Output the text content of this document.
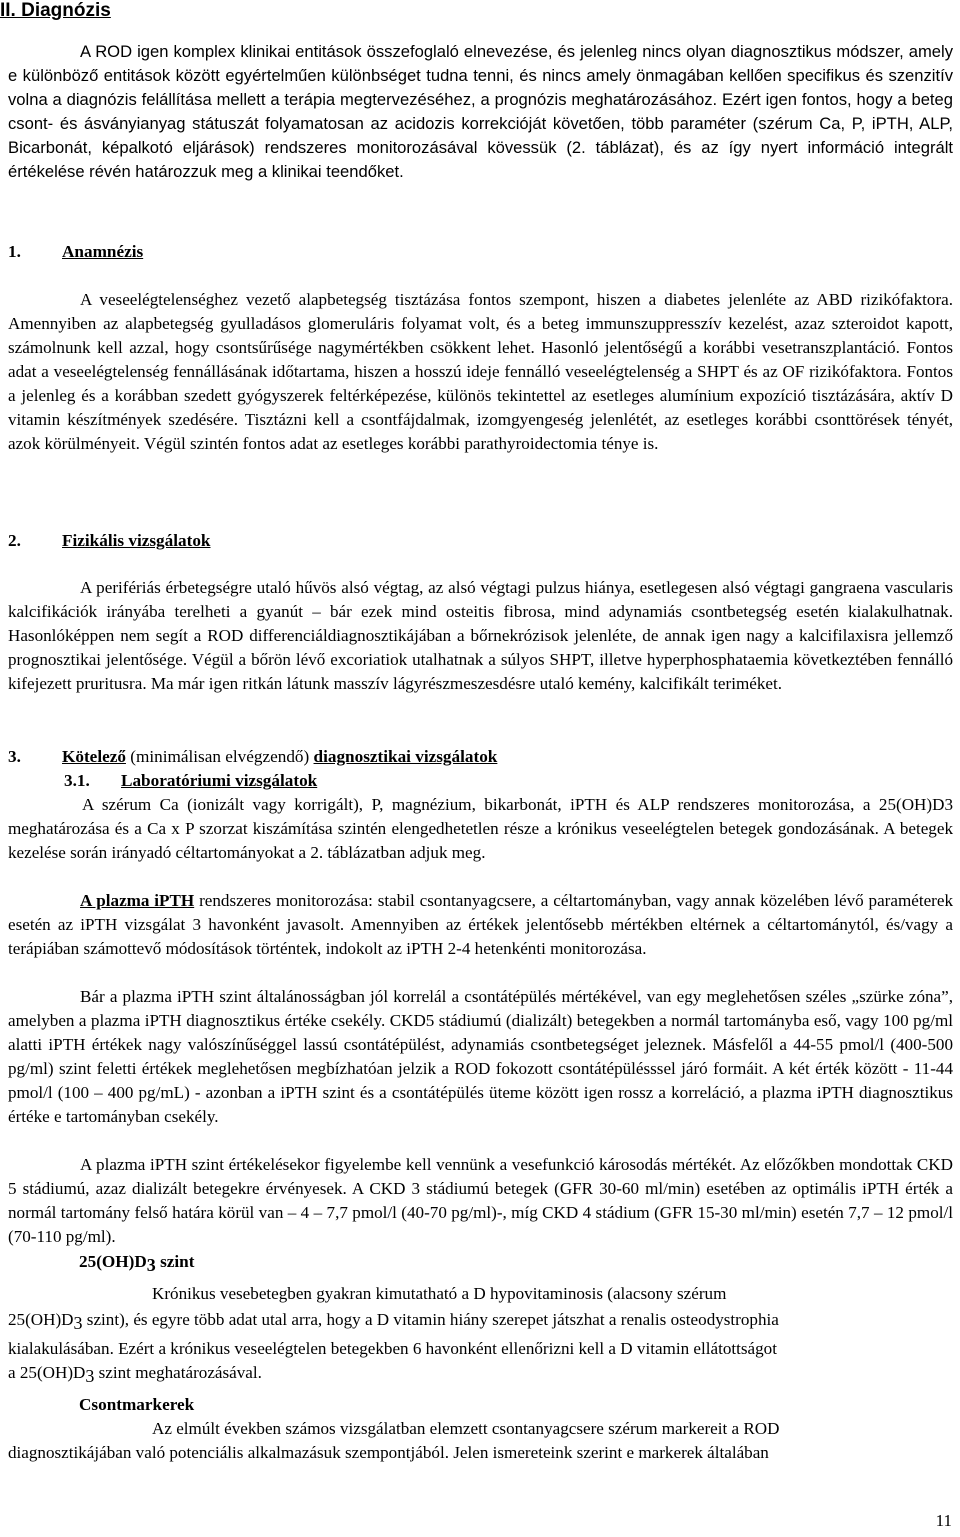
II. Diagnózis

A ROD igen komplex klinikai entitások összefoglaló elnevezése, és jelenleg nincs olyan diagnosztikus módszer, amely e különböző entitások között egyértelműen különbséget tudna tenni, és nincs amely önmagában kellően specifikus és szenzitív volna a diagnózis felállítása mellett a terápia megtervezéséhez, a prognózis meghatározásához. Ezért igen fontos, hogy a beteg csont- és ásványianyag státuszát folyamatosan az acidozis korrekcióját követően, több paraméter (szérum Ca, P, iPTH, ALP, Bicarbonát, képalkotó eljárások) rendszeres monitorozásával kövessük (2. táblázat), és az így nyert információ integrált értékelése révén határozzuk meg a klinikai teendőket.

1. Anamnézis

A veseelégtelenséghez vezető alapbetegség tisztázása fontos szempont, hiszen a diabetes jelenléte az ABD rizikófaktora. Amennyiben az alapbetegség gyulladásos glomeruláris folyamat volt, és a beteg immunszuppresszív kezelést, azaz szteroidot kapott, számolnunk kell azzal, hogy csontsűrűsége nagymértékben csökkent lehet. Hasonló jelentőségű a korábbi vesetranszplantáció. Fontos adat a veseelégtelenség fennállásának időtartama, hiszen a hosszú ideje fennálló veseelégtelenség a SHPT és az OF rizikófaktora. Fontos a jelenleg és a korábban szedett gyógyszerek feltérképezése, különös tekintettel az esetleges alumínium expozíció tisztázására, aktív D vitamin készítmények szedésére. Tisztázni kell a csontfájdalmak, izomgyengeség jelenlétét, az esetleges korábbi csonttörések tényét, azok körülményeit. Végül szintén fontos adat az esetleges korábbi parathyroidectomia ténye is.

2. Fizikális vizsgálatok

A perifériás érbetegségre utaló hűvös alsó végtag, az alsó végtagi pulzus hiánya, esetlegesen alsó végtagi gangraena vascularis kalcifikációk irányába terelheti a gyanút – bár ezek mind osteitis fibrosa, mind adynamiás csontbetegség esetén kialakulhatnak. Hasonlóképpen nem segít a ROD differenciáldiagnosztikájában a bőrnekrózisok jelenléte, de annak igen nagy a kalcifilaxisra jellemző prognosztikai jelentősége. Végül a bőrön lévő excoriatiok utalhatnak a súlyos SHPT, illetve hyperphosphataemia következtében fennálló kifejezett pruritusra. Ma már igen ritkán látunk masszív lágyrészmeszesdésre utaló kemény, kalcifikált teriméket.

3. Kötelező (minimálisan elvégzendő) diagnosztikai vizsgálatok
3.1. Laboratóriumi vizsgálatok

A szérum Ca (ionizált vagy korrigált), P, magnézium, bikarbonát, iPTH és ALP rendszeres monitorozása, a 25(OH)D3 meghatározása és a Ca x P szorzat kiszámítása szintén elengedhetetlen része a krónikus veseelégtelen betegek gondozásának. A betegek kezelése során irányadó céltartományokat a 2. táblázatban adjuk meg.

A plazma iPTH rendszeres monitorozása: stabil csontanyagcsere, a céltartományban, vagy annak közelében lévő paraméterek esetén az iPTH vizsgálat 3 havonként javasolt. Amennyiben az értékek jelentősebb mértékben eltérnek a céltartománytól, és/vagy a terápiában számottevő módosítások történtek, indokolt az iPTH 2-4 hetenkénti monitorozása.

Bár a plazma iPTH szint általánosságban jól korrelál a csontátépülés mértékével, van egy meglehetősen széles „szürke zóna”, amelyben a plazma iPTH diagnosztikus értéke csekély. CKD5 stádiumú (dializált) betegekben a normál tartományba eső, vagy 100 pg/ml alatti iPTH értékek nagy valószínűséggel lassú csontátépülést, adynamiás csontbetegséget jeleznek. Másfelől a 44-55 pmol/l (400-500 pg/ml) szint feletti értékek meglehetősen megbízhatóan jelzik a ROD fokozott csontátépülésssel járó formáit. A két érték között - 11-44 pmol/l (100 – 400 pg/mL) - azonban a iPTH szint és a csontátépülés üteme között igen rossz a korreláció, a plazma iPTH diagnosztikus értéke e tartományban csekély.

A plazma iPTH szint értékelésekor figyelembe kell vennünk a vesefunkció károsodás mértékét. Az előzőkben mondottak CKD 5 stádiumú, azaz dializált betegekre érvényesek. A CKD 3 stádiumú betegek (GFR 30-60 ml/min) esetében az optimális iPTH érték a normál tartomány felső határa körül van – 4 – 7,7 pmol/l (40-70 pg/ml)-, míg CKD 4 stádium (GFR 15-30 ml/min) esetén 7,7 – 12 pmol/l (70-110 pg/ml).

25(OH)D3 szint
Krónikus vesebetegben gyakran kimutatható a D hypovitaminosis (alacsony szérum
25(OH)D3 szint), és egyre több adat utal arra, hogy a D vitamin hiány szerepet játszhat a renalis osteodystrophia
kialakulásában. Ezért a krónikus veseelégtelen betegekben 6 havonként ellenőrizni kell a D vitamin ellátottságot
a 25(OH)D3 szint meghatározásával.
Csontmarkerek
Az elmúlt években számos vizsgálatban elemzett csontanyagcsere szérum markereit a ROD
diagnosztikájában való potenciális alkalmazásuk szempontjából. Jelen ismereteink szerint e markerek általában
11
